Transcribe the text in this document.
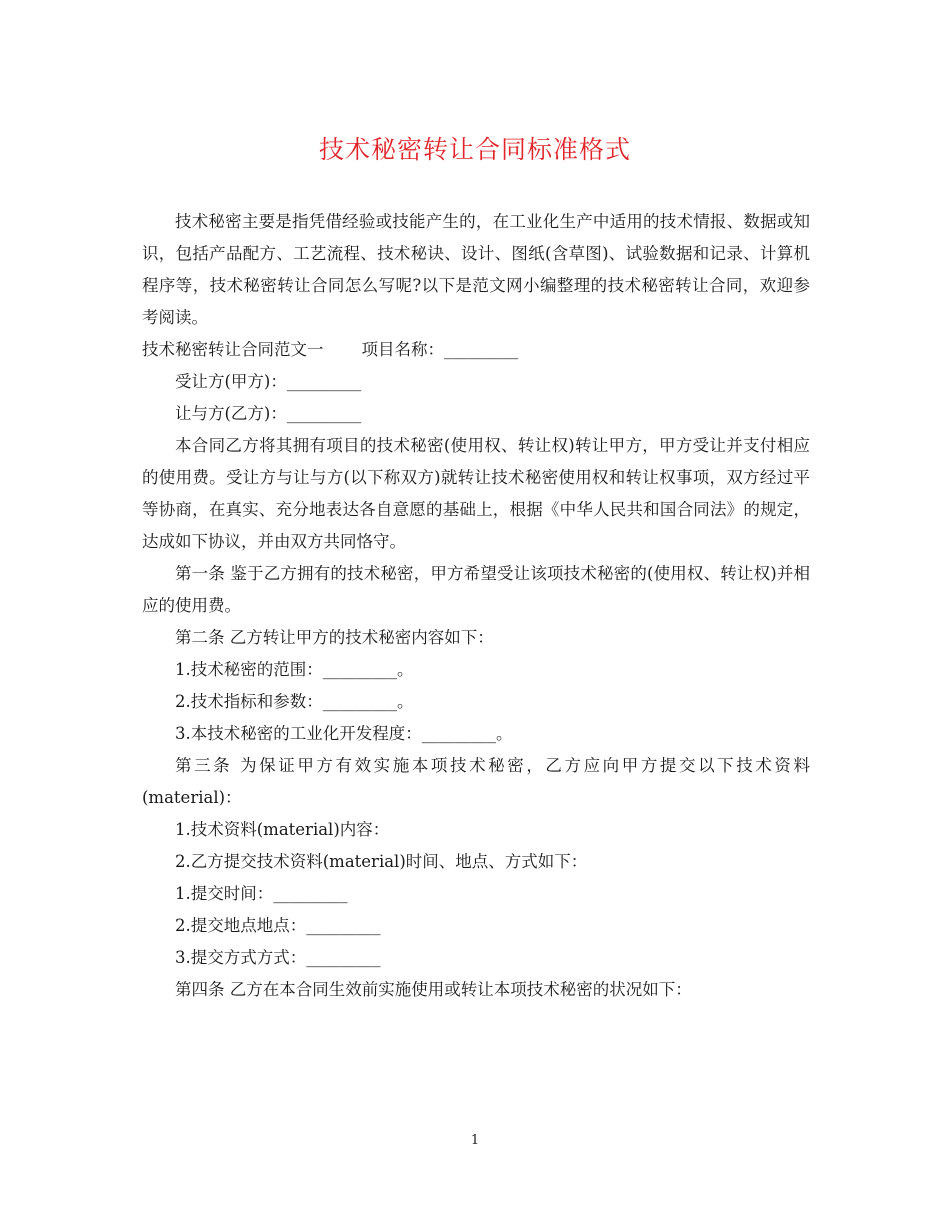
技术秘密转让合同标准格式

技术秘密主要是指凭借经验或技能产生的，在工业化生产中适用的技术情报、数据或知识，包括产品配方、工艺流程、技术秘诀、设计、图纸(含草图)、试验数据和记录、计算机程序等，技术秘密转让合同怎么写呢?以下是范文网小编整理的技术秘密转让合同，欢迎参考阅读。

技术秘密转让合同范文一 项目名称：_________

受让方(甲方)：_________

让与方(乙方)：_________

本合同乙方将其拥有项目的技术秘密(使用权、转让权)转让甲方，甲方受让并支付相应的使用费。受让方与让与方(以下称双方)就转让技术秘密使用权和转让权事项，双方经过平等协商，在真实、充分地表达各自意愿的基础上，根据《中华人民共和国合同法》的规定，达成如下协议，并由双方共同恪守。

第一条 鉴于乙方拥有的技术秘密，甲方希望受让该项技术秘密的(使用权、转让权)并相应的使用费。

第二条 乙方转让甲方的技术秘密内容如下：

1.技术秘密的范围：_________。

2.技术指标和参数：_________。

3.本技术秘密的工业化开发程度：_________。

第三条 为保证甲方有效实施本项技术秘密，乙方应向甲方提交以下技术资料(material)：

1.技术资料(material)内容：

2.乙方提交技术资料(material)时间、地点、方式如下：

1.提交时间：_________

2.提交地点地点：_________

3.提交方式方式：_________

第四条 乙方在本合同生效前实施使用或转让本项技术秘密的状况如下：

1
